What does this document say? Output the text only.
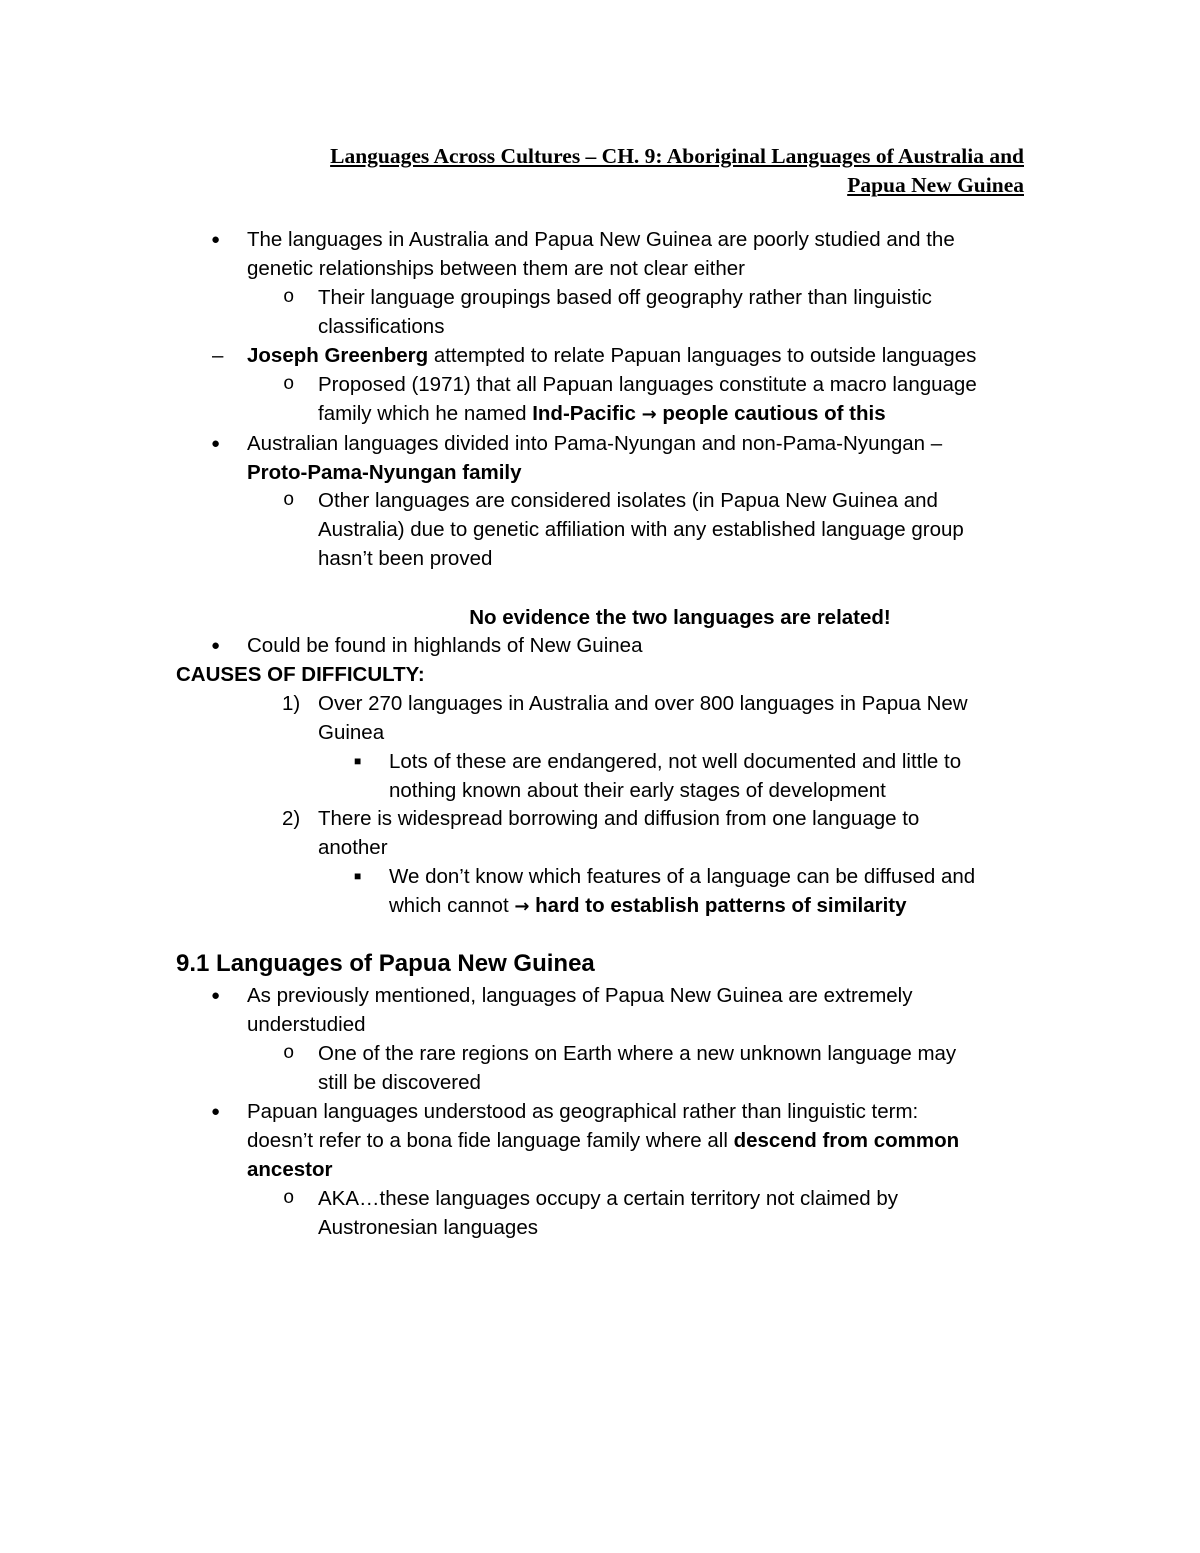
Languages Across Cultures – CH. 9: Aboriginal Languages of Australia and
Papua New Guinea
● The languages in Australia and Papua New Guinea are poorly studied and the
genetic relationships between them are not clear either
o Their language groupings based off geography rather than linguistic
classifications
– Joseph Greenberg attempted to relate Papuan languages to outside languages
o Proposed (1971) that all Papuan languages constitute a macro language
family which he named Ind-Pacific → people cautious of this
● Australian languages divided into Pama-Nyungan and non-Pama-Nyungan –
Proto-Pama-Nyungan family
o Other languages are considered isolates (in Papua New Guinea and
Australia) due to genetic affiliation with any established language group
hasn’t been proved
No evidence the two languages are related!
● Could be found in highlands of New Guinea
CAUSES OF DIFFICULTY:
1) Over 270 languages in Australia and over 800 languages in Papua New
Guinea
■ Lots of these are endangered, not well documented and little to
nothing known about their early stages of development
2) There is widespread borrowing and diffusion from one language to
another
■ We don’t know which features of a language can be diffused and
which cannot → hard to establish patterns of similarity
9.1 Languages of Papua New Guinea
● As previously mentioned, languages of Papua New Guinea are extremely
understudied
o One of the rare regions on Earth where a new unknown language may
still be discovered
● Papuan languages understood as geographical rather than linguistic term:
doesn’t refer to a bona fide language family where all descend from common
ancestor
o AKA…these languages occupy a certain territory not claimed by
Austronesian languages
